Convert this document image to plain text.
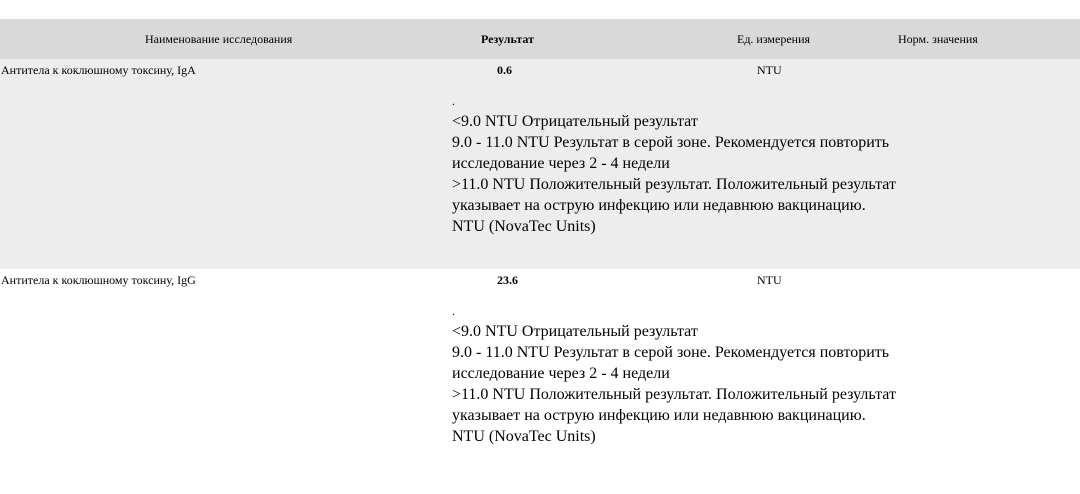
Наименование исследования	Результат	Ед. измерения	Норм. значения
Антитела к коклюшному токсину, IgA	0.6	NTU
.
<9.0 NTU Отрицательный результат
9.0 - 11.0 NTU Результат в серой зоне. Рекомендуется повторить
исследование через 2 - 4 недели
>11.0 NTU Положительный результат. Положительный результат
указывает на острую инфекцию или недавнюю вакцинацию.
NTU (NovaTec Units)
Антитела к коклюшному токсину, IgG	23.6	NTU
.
<9.0 NTU Отрицательный результат
9.0 - 11.0 NTU Результат в серой зоне. Рекомендуется повторить
исследование через 2 - 4 недели
>11.0 NTU Положительный результат. Положительный результат
указывает на острую инфекцию или недавнюю вакцинацию.
NTU (NovaTec Units)
